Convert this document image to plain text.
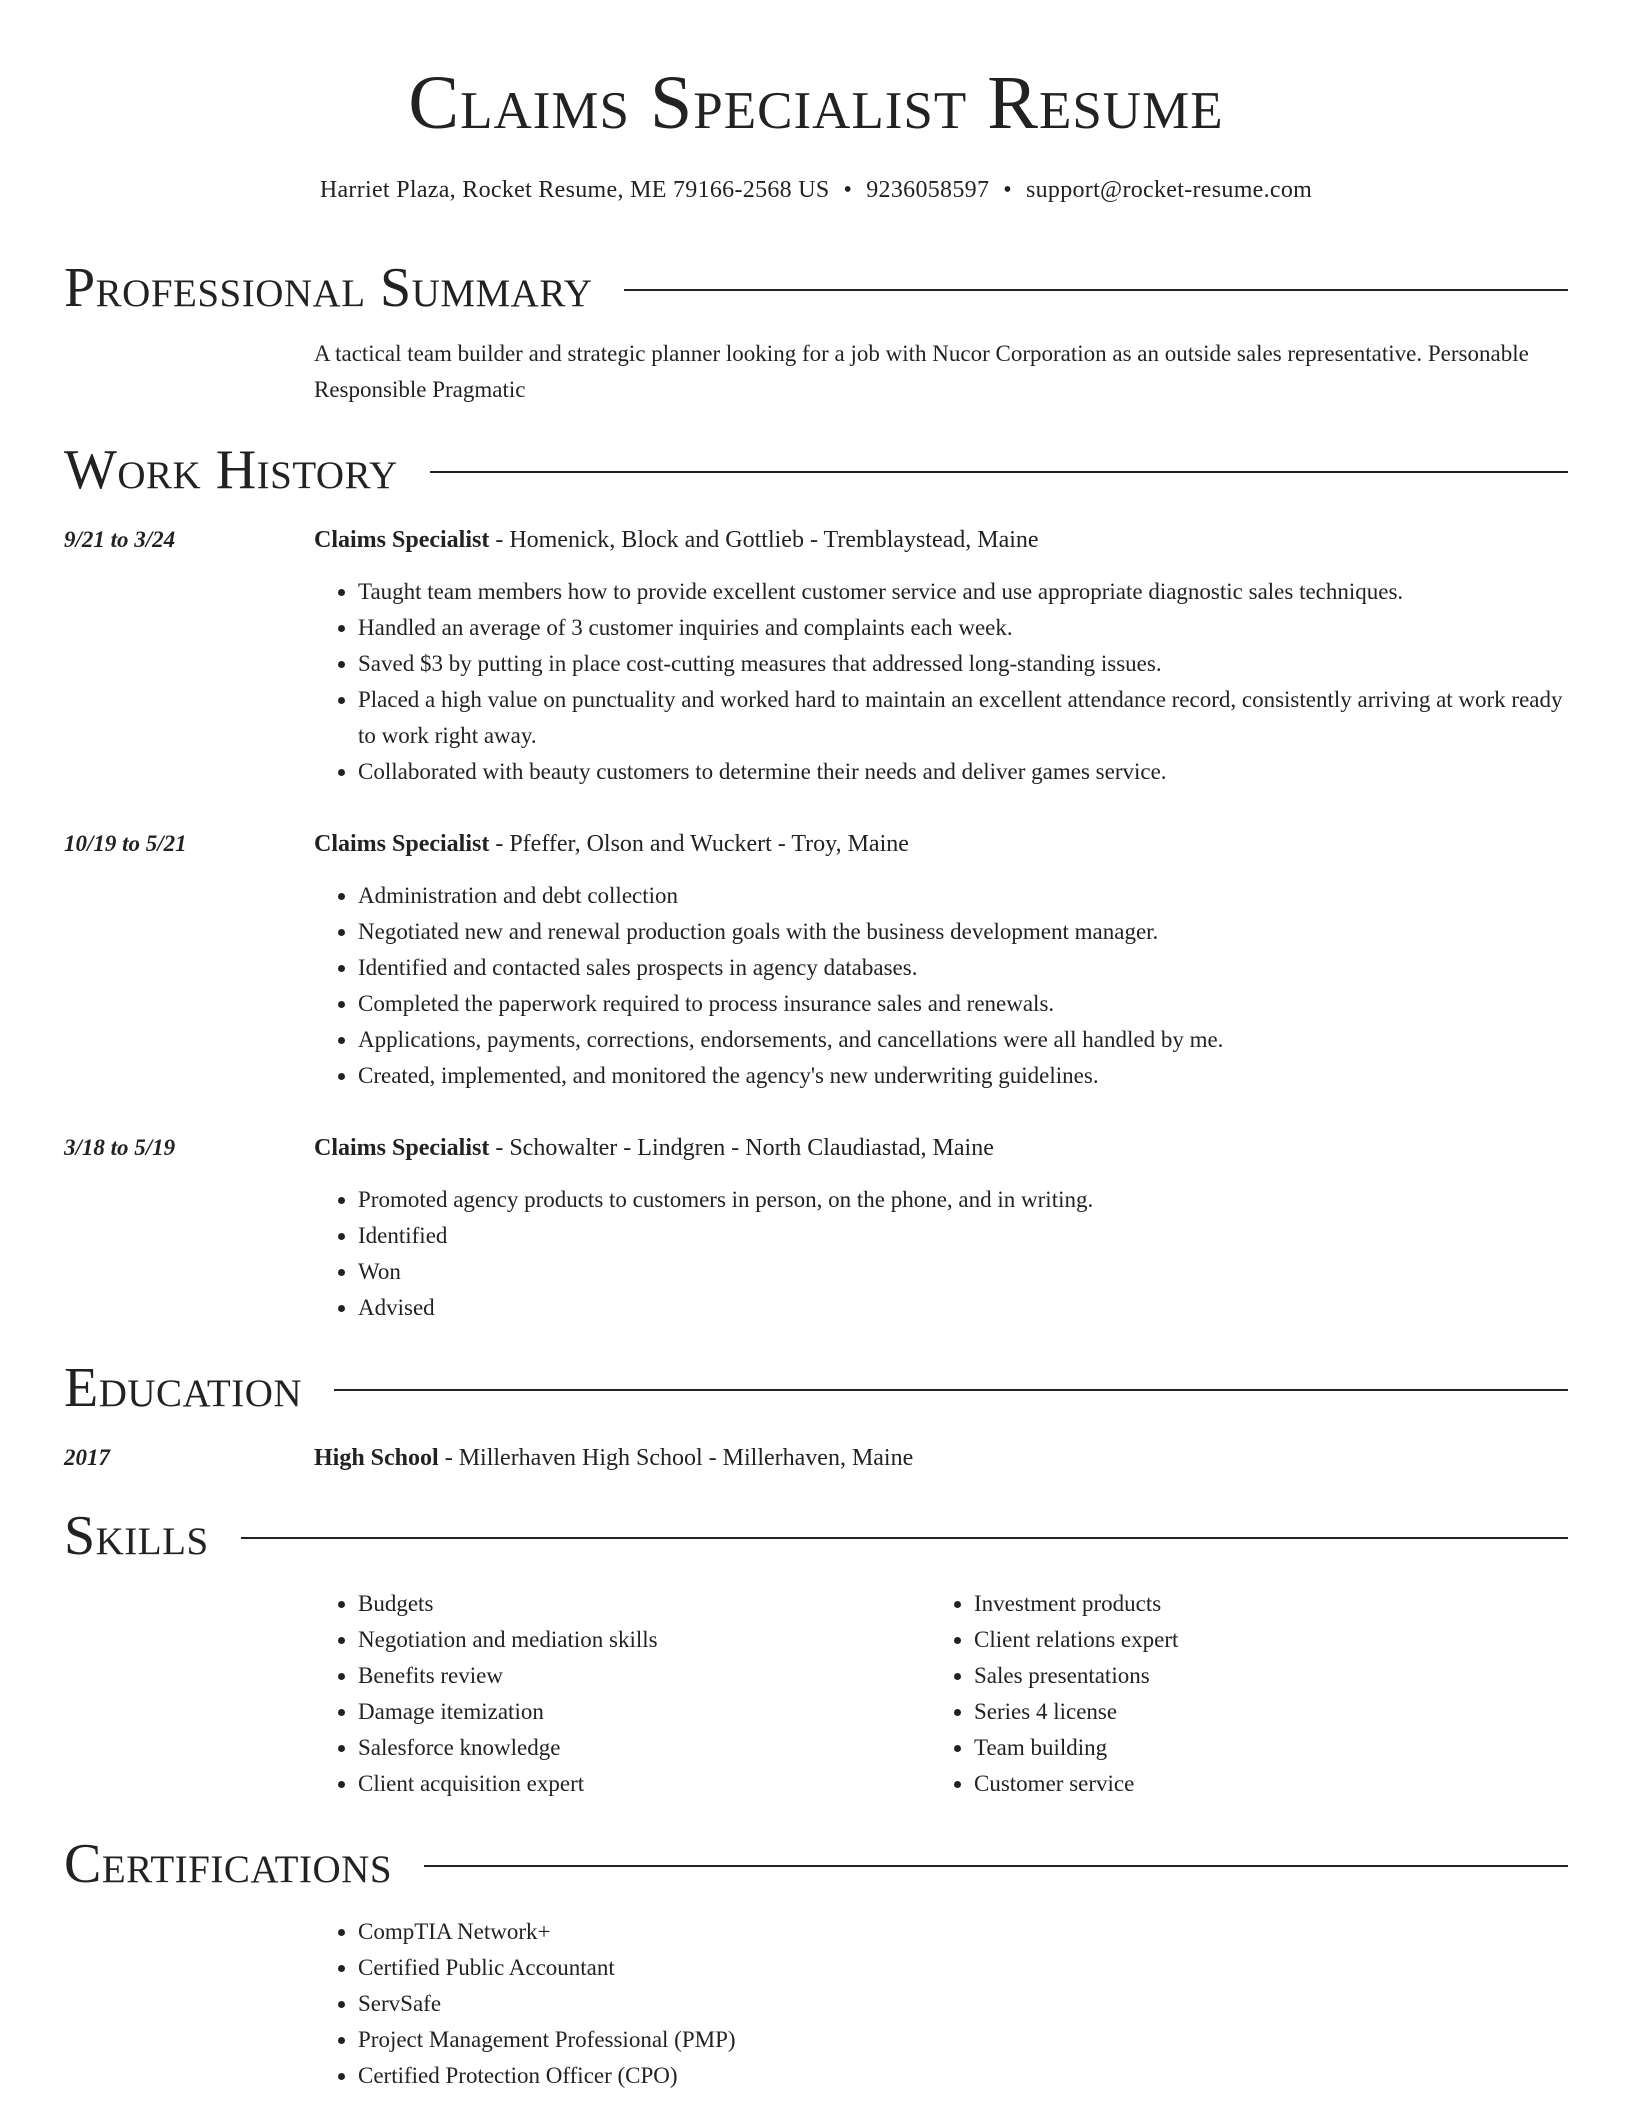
Claims Specialist Resume
Harriet Plaza, Rocket Resume, ME 79166-2568 US • 9236058597 • support@rocket-resume.com
Professional Summary
A tactical team builder and strategic planner looking for a job with Nucor Corporation as an outside sales representative. Personable Responsible Pragmatic
Work History
9/21 to 3/24	Claims Specialist - Homenick, Block and Gottlieb - Tremblaystead, Maine
• Taught team members how to provide excellent customer service and use appropriate diagnostic sales techniques.
• Handled an average of 3 customer inquiries and complaints each week.
• Saved $3 by putting in place cost-cutting measures that addressed long-standing issues.
• Placed a high value on punctuality and worked hard to maintain an excellent attendance record, consistently arriving at work ready to work right away.
• Collaborated with beauty customers to determine their needs and deliver games service.
10/19 to 5/21	Claims Specialist - Pfeffer, Olson and Wuckert - Troy, Maine
• Administration and debt collection
• Negotiated new and renewal production goals with the business development manager.
• Identified and contacted sales prospects in agency databases.
• Completed the paperwork required to process insurance sales and renewals.
• Applications, payments, corrections, endorsements, and cancellations were all handled by me.
• Created, implemented, and monitored the agency's new underwriting guidelines.
3/18 to 5/19	Claims Specialist - Schowalter - Lindgren - North Claudiastad, Maine
• Promoted agency products to customers in person, on the phone, and in writing.
• Identified
• Won
• Advised
Education
2017	High School - Millerhaven High School - Millerhaven, Maine
Skills
• Budgets
• Negotiation and mediation skills
• Benefits review
• Damage itemization
• Salesforce knowledge
• Client acquisition expert
• Investment products
• Client relations expert
• Sales presentations
• Series 4 license
• Team building
• Customer service
Certifications
• CompTIA Network+
• Certified Public Accountant
• ServSafe
• Project Management Professional (PMP)
• Certified Protection Officer (CPO)
